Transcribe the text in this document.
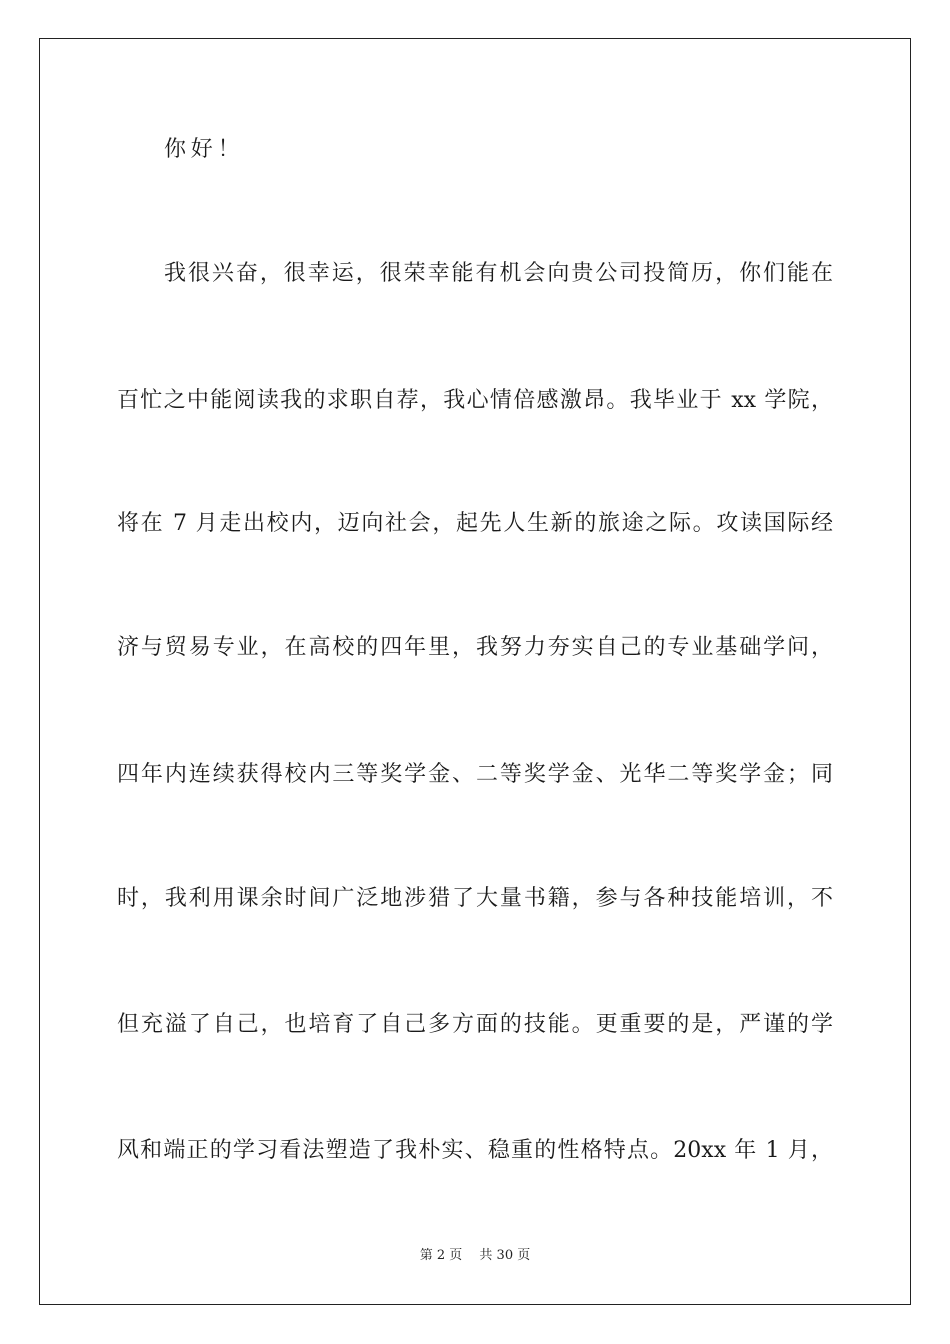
你好！
我很兴奋，很幸运，很荣幸能有机会向贵公司投简历，你们能在
百忙之中能阅读我的求职自荐，我心情倍感激昂。我毕业于 xx 学院，
将在 7 月走出校内，迈向社会，起先人生新的旅途之际。攻读国际经
济与贸易专业，在高校的四年里，我努力夯实自己的专业基础学问，
四年内连续获得校内三等奖学金、二等奖学金、光华二等奖学金；同
时，我利用课余时间广泛地涉猎了大量书籍，参与各种技能培训，不
但充溢了自己，也培育了自己多方面的技能。更重要的是，严谨的学
风和端正的学习看法塑造了我朴实、稳重的性格特点。20xx 年 1 月，
第 2 页　 共 30 页
